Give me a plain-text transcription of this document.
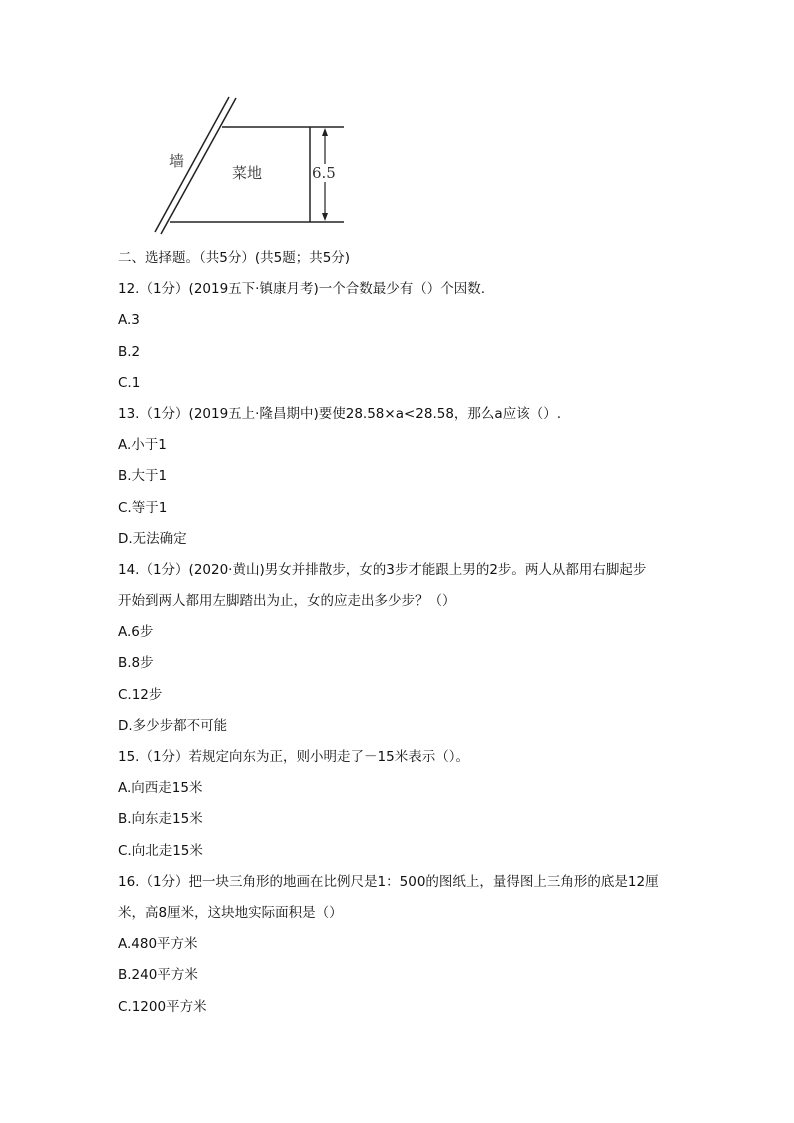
墙
菜地	6.5
二、选择题。（共5分）(共5题；共5分)
12.（1分）(2019五下·镇康月考)一个合数最少有（）个因数.
A.3
B.2
C.1
13.（1分）(2019五上·隆昌期中)要使28.58×a<28.58，那么a应该（）.
A.小于1
B.大于1
C.等于1
D.无法确定
14.（1分）(2020·黄山)男女并排散步，女的3步才能跟上男的2步。两人从都用右脚起步
开始到两人都用左脚踏出为止，女的应走出多少步？（）
A.6步
B.8步
C.12步
D.多少步都不可能
15.（1分）若规定向东为正，则小明走了－15米表示（）。
A.向西走15米
B.向东走15米
C.向北走15米
16.（1分）把一块三角形的地画在比例尺是1：500的图纸上，量得图上三角形的底是12厘
米，高8厘米，这块地实际面积是（）
A.480平方米
B.240平方米
C.1200平方米
